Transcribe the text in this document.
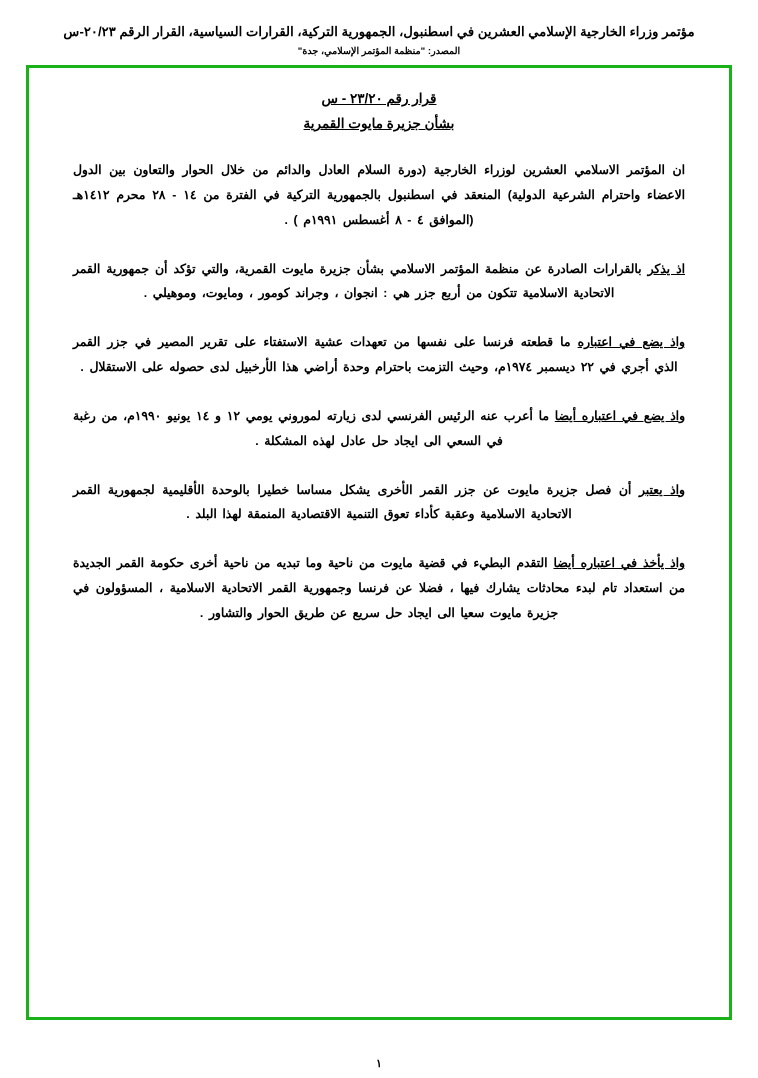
مؤتمر وزراء الخارجية الإسلامي العشرين في اسطنبول، الجمهورية التركية، القرارات السياسية، القرار الرقم ٢٠/٢٣-س
المصدر: "منظمة المؤتمر الإسلامي، جدة"
قرار رقم ٢٣/٢٠ - س
بشأن جزيرة مايوت القمرية

ان المؤتمر الاسلامي العشرين لوزراء الخارجية (دورة السلام العادل والدائم من خلال الحوار والتعاون بين الدول الاعضاء واحترام الشرعية الدولية) المنعقد في اسطنبول بالجمهورية التركية في الفترة من ١٤ - ٢٨ محرم ١٤١٢هـ (الموافق ٤ - ٨ أغسطس ١٩٩١م ) .

اذ يذكر بالقرارات الصادرة عن منظمة المؤتمر الاسلامي بشأن جزيرة مايوت القمرية، والتي تؤكد أن جمهورية القمر الاتحادية الاسلامية تتكون من أربع جزر هي : انجوان ، وجراند كومور ، ومايوت، وموهيلي .

واذ يضع في اعتباره ما قطعته فرنسا على نفسها من تعهدات عشية الاستفتاء على تقرير المصير في جزر القمر الذي أجري في ٢٢ ديسمبر ١٩٧٤م، وحيث التزمت باحترام وحدة أراضي هذا الأرخبيل لدى حصوله على الاستقلال .

واذ يضع في اعتباره أيضا ما أعرب عنه الرئيس الفرنسي لدى زيارته لموروني يومي ١٢ و ١٤ يونيو ١٩٩٠م، من رغبة في السعي الى ايجاد حل عادل لهذه المشكلة .

واذ يعتبر أن فصل جزيرة مايوت عن جزر القمر الأخرى يشكل مساسا خطيرا بالوحدة الأقليمية لجمهورية القمر الاتحادية الاسلامية وعقبة كأداء تعوق التنمية الاقتصادية المنمقة لهذا البلد .

واذ يأخذ في اعتباره أيضا التقدم البطيء في قضية مايوت من ناحية وما تبديه من ناحية أخرى حكومة القمر الجديدة من استعداد تام لبدء محادثات يشارك فيها ، فضلا عن فرنسا وجمهورية القمر الاتحادية الاسلامية ، المسؤولون في جزيرة مايوت سعيا الى ايجاد حل سريع عن طريق الحوار والتشاور .

١
